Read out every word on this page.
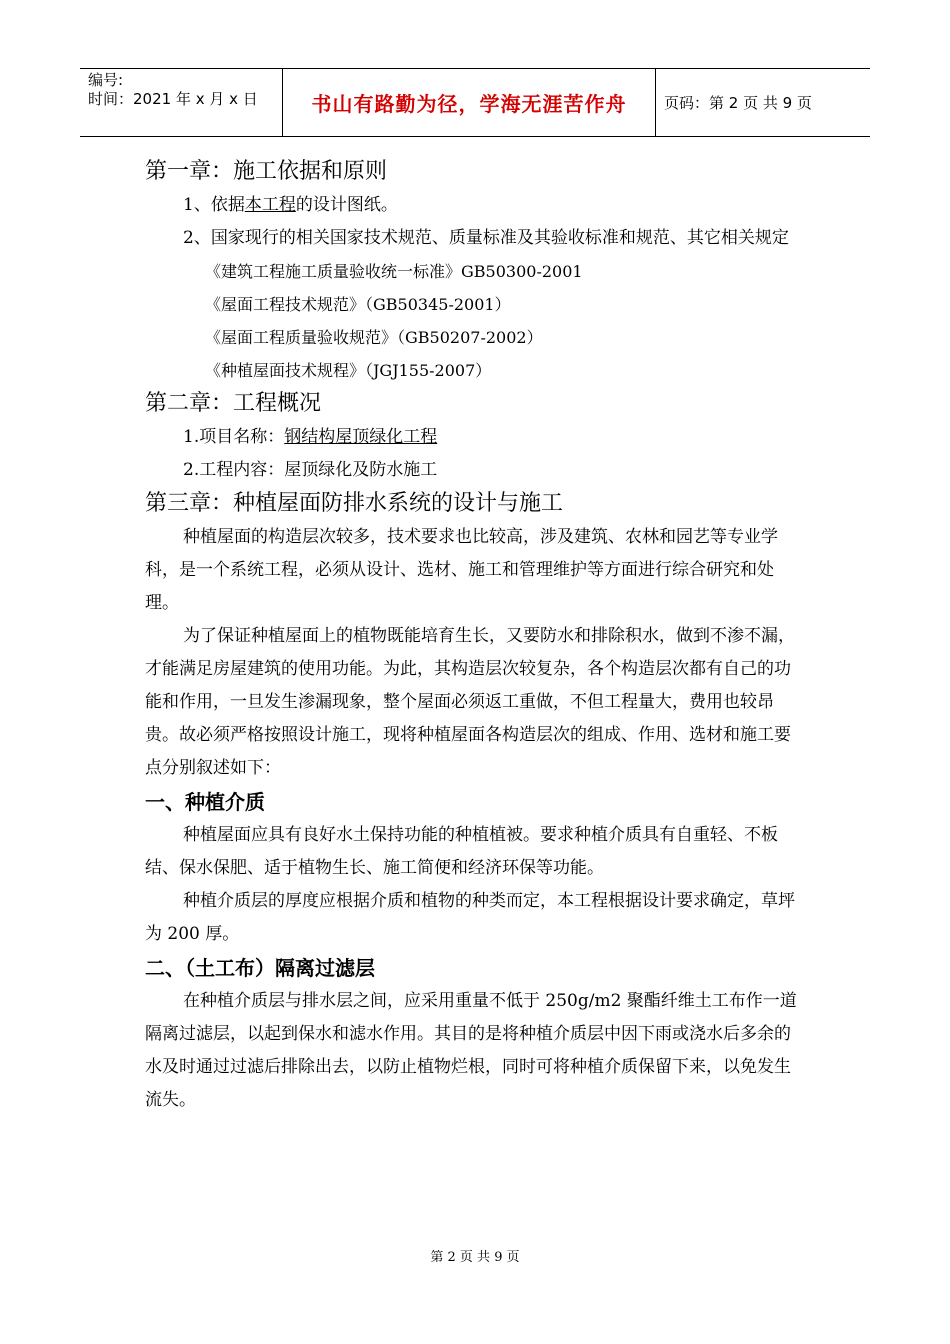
编号:
时间：2021 年 x 月 x 日	书山有路勤为径，学海无涯苦作舟	页码：第 2 页 共 9 页
第一章：施工依据和原则

1、依据本工程的设计图纸。

2、国家现行的相关国家技术规范、质量标准及其验收标准和规范、其它相关规定

《建筑工程施工质量验收统一标准》GB50300-2001

《屋面工程技术规范》（GB50345-2001）

《屋面工程质量验收规范》（GB50207-2002）

《种植屋面技术规程》（JGJ155-2007）

第二章：工程概况

1.项目名称：钢结构屋顶绿化工程

2.工程内容：屋顶绿化及防水施工

第三章：种植屋面防排水系统的设计与施工

种植屋面的构造层次较多，技术要求也比较高，涉及建筑、农林和园艺等专业学科，是一个系统工程，必须从设计、选材、施工和管理维护等方面进行综合研究和处理。

为了保证种植屋面上的植物既能培育生长，又要防水和排除积水，做到不渗不漏，才能满足房屋建筑的使用功能。为此，其构造层次较复杂，各个构造层次都有自己的功能和作用，一旦发生渗漏现象，整个屋面必须返工重做，不但工程量大，费用也较昂贵。故必须严格按照设计施工，现将种植屋面各构造层次的组成、作用、选材和施工要点分别叙述如下：

一、种植介质

种植屋面应具有良好水土保持功能的种植植被。要求种植介质具有自重轻、不板结、保水保肥、适于植物生长、施工简便和经济环保等功能。

种植介质层的厚度应根据介质和植物的种类而定，本工程根据设计要求确定，草坪为 200 厚。

二、（土工布）隔离过滤层

在种植介质层与排水层之间，应采用重量不低于 250g/m2 聚酯纤维土工布作一道隔离过滤层，以起到保水和滤水作用。其目的是将种植介质层中因下雨或浇水后多余的水及时通过过滤后排除出去，以防止植物烂根，同时可将种植介质保留下来，以免发生流失。

第 2 页 共 9 页
